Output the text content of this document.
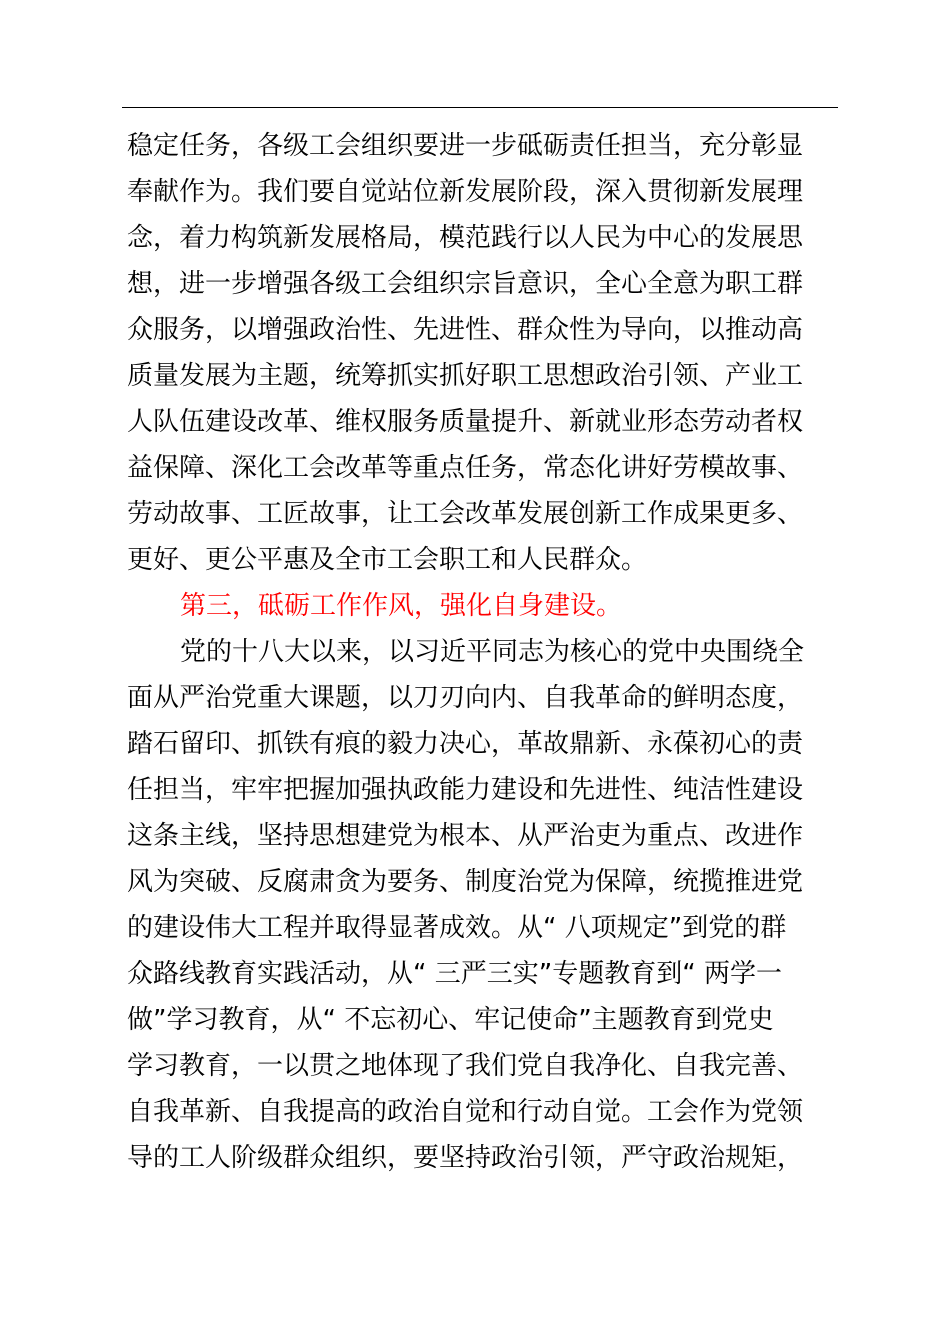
稳定任务，各级工会组织要进一步砥砺责任担当，充分彰显
奉献作为。我们要自觉站位新发展阶段，深入贯彻新发展理
念，着力构筑新发展格局，模范践行以人民为中心的发展思
想，进一步增强各级工会组织宗旨意识，全心全意为职工群
众服务，以增强政治性、先进性、群众性为导向，以推动高
质量发展为主题，统筹抓实抓好职工思想政治引领、产业工
人队伍建设改革、维权服务质量提升、新就业形态劳动者权
益保障、深化工会改革等重点任务，常态化讲好劳模故事、
劳动故事、工匠故事，让工会改革发展创新工作成果更多、
更好、更公平惠及全市工会职工和人民群众。
第三，砥砺工作作风，强化自身建设。
党的十八大以来，以习近平同志为核心的党中央围绕全
面从严治党重大课题，以刀刃向内、自我革命的鲜明态度，
踏石留印、抓铁有痕的毅力决心，革故鼎新、永葆初心的责
任担当，牢牢把握加强执政能力建设和先进性、纯洁性建设
这条主线，坚持思想建党为根本、从严治吏为重点、改进作
风为突破、反腐肃贪为要务、制度治党为保障，统揽推进党
的建设伟大工程并取得显著成效。从“ 八项规定”到党的群
众路线教育实践活动，从“ 三严三实”专题教育到“ 两学一
做”学习教育，从“ 不忘初心、牢记使命”主题教育到党史
学习教育，一以贯之地体现了我们党自我净化、自我完善、
自我革新、自我提高的政治自觉和行动自觉。工会作为党领
导的工人阶级群众组织，要坚持政治引领，严守政治规矩，
